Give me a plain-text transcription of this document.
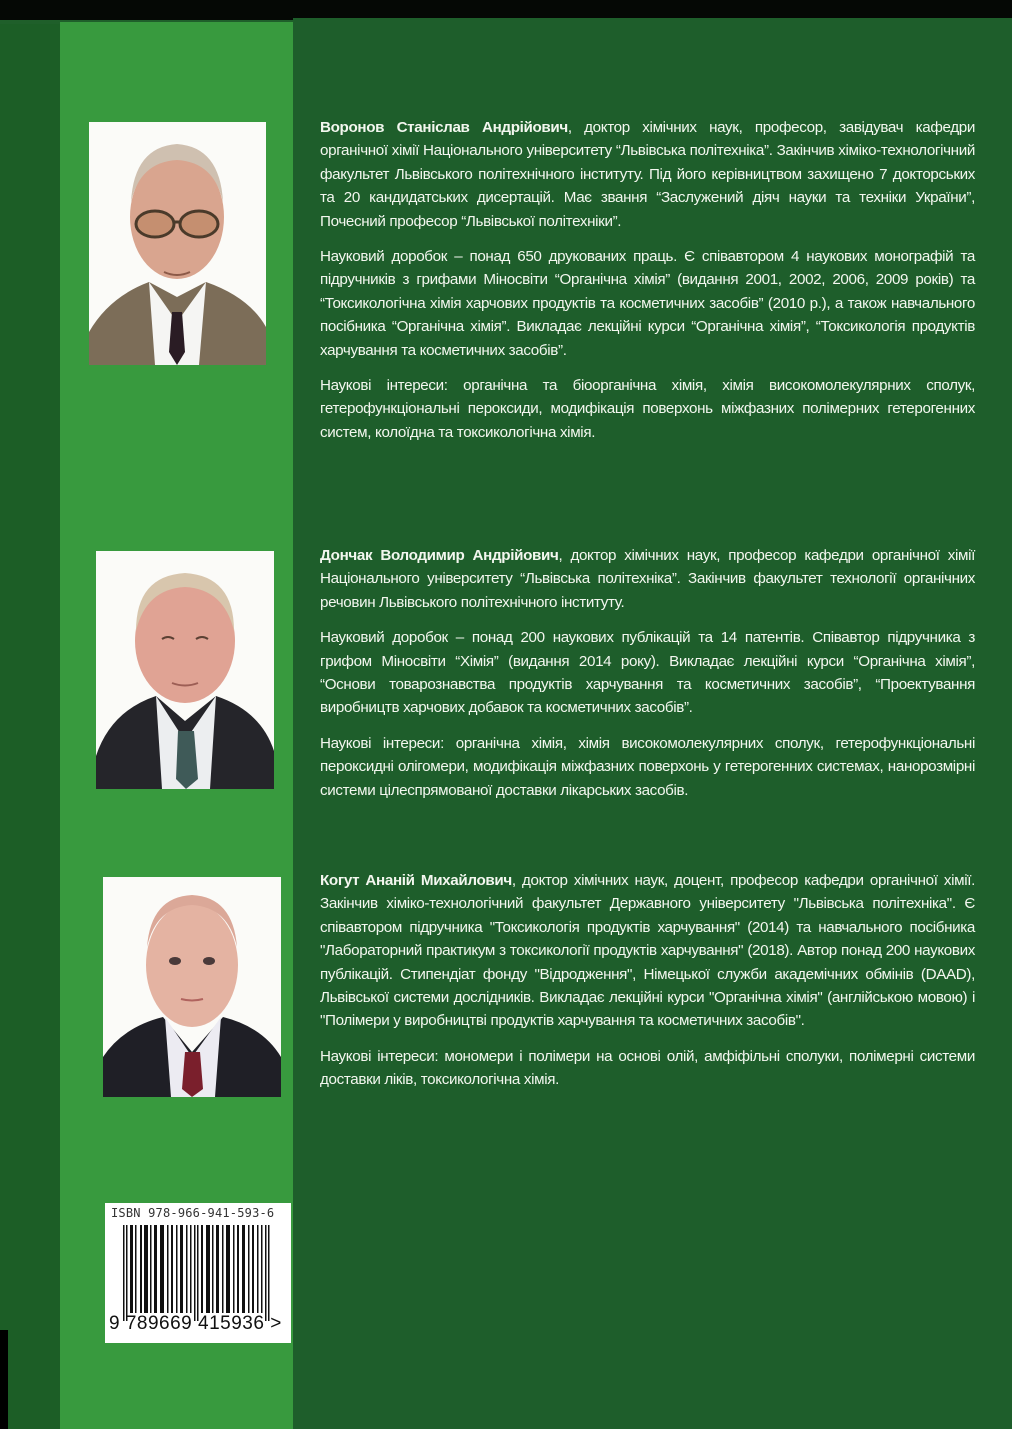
Воронов Станіслав Андрійович, доктор хімічних наук, професор, завідувач кафедри органічної хімії Національного університету “Львівська політехніка”. Закінчив хіміко-технологічний факультет Львівського політехнічного інституту. Під його керівництвом захищено 7 докторських та 20 кандидатських дисертацій. Має звання “Заслужений діяч науки та техніки України”, Почесний професор “Львівської політехніки”.

Науковий доробок – понад 650 друкованих праць. Є співавтором 4 наукових монографій та підручників з грифами Міносвіти “Органічна хімія” (видання 2001, 2002, 2006, 2009 років) та “Токсикологічна хімія харчових продуктів та косметичних засобів” (2010 р.), а також навчального посібника “Органічна хімія”. Викладає лекційні курси “Органічна хімія”, “Токсикологія продуктів харчування та косметичних засобів”.

Наукові інтереси: органічна та біоорганічна хімія, хімія високомолекулярних сполук, гетерофункціональні пероксиди, модифікація поверхонь міжфазних полімерних гетерогенних систем, колоїдна та токсикологічна хімія.

Дончак Володимир Андрійович, доктор хімічних наук, професор кафедри органічної хімії Національного університету “Львівська політехніка”. Закінчив факультет технології органічних речовин Львівського політехнічного інституту.

Науковий доробок – понад 200 наукових публікацій та 14 патентів. Співавтор підручника з грифом Міносвіти “Хімія” (видання 2014 року). Викладає лекційні курси “Органічна хімія”, “Основи товарознавства продуктів харчування та косметичних засобів”, “Проектування виробництв харчових добавок та косметичних засобів”.

Наукові інтереси: органічна хімія, хімія високомолекулярних сполук, гетерофункціональні пероксидні олігомери, модифікація міжфазних поверхонь у гетерогенних системах, нанорозмірні системи цілеспрямованої доставки лікарських засобів.

Когут Ананій Михайлович, доктор хімічних наук, доцент, професор кафедри органічної хімії. Закінчив хіміко-технологічний факультет Державного університету "Львівська політехніка". Є співавтором підручника "Токсикологія продуктів харчування" (2014) та навчального посібника "Лабораторний практикум з токсикології продуктів харчування" (2018). Автор понад 200 наукових публікацій. Стипендіат фонду "Відродження", Німецької служби академічних обмінів (DAAD), Львівської системи дослідників. Викладає лекційні курси "Органічна хімія" (англійською мовою) і "Полімери у виробництві продуктів харчування та косметичних засобів".

Наукові інтереси: мономери і полімери на основі олій, амфіфільні сполуки, полімерні системи доставки ліків, токсикологічна хімія.

ISBN 978-966-941-593-6
9 789669 415936 >
